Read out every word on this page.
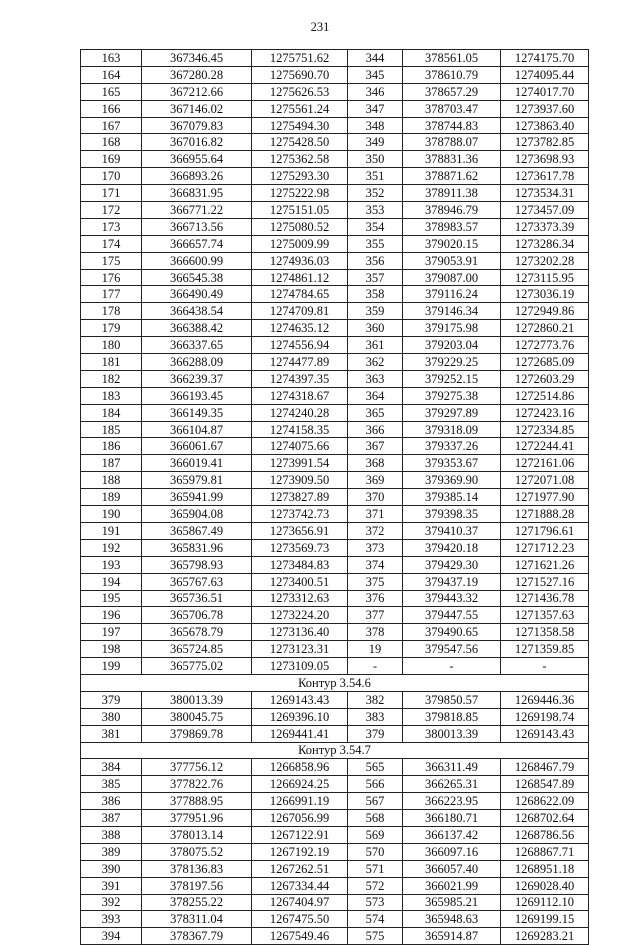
231
163	367346.45	1275751.62	344	378561.05	1274175.70
164	367280.28	1275690.70	345	378610.79	1274095.44
165	367212.66	1275626.53	346	378657.29	1274017.70
166	367146.02	1275561.24	347	378703.47	1273937.60
167	367079.83	1275494.30	348	378744.83	1273863.40
168	367016.82	1275428.50	349	378788.07	1273782.85
169	366955.64	1275362.58	350	378831.36	1273698.93
170	366893.26	1275293.30	351	378871.62	1273617.78
171	366831.95	1275222.98	352	378911.38	1273534.31
172	366771.22	1275151.05	353	378946.79	1273457.09
173	366713.56	1275080.52	354	378983.57	1273373.39
174	366657.74	1275009.99	355	379020.15	1273286.34
175	366600.99	1274936.03	356	379053.91	1273202.28
176	366545.38	1274861.12	357	379087.00	1273115.95
177	366490.49	1274784.65	358	379116.24	1273036.19
178	366438.54	1274709.81	359	379146.34	1272949.86
179	366388.42	1274635.12	360	379175.98	1272860.21
180	366337.65	1274556.94	361	379203.04	1272773.76
181	366288.09	1274477.89	362	379229.25	1272685.09
182	366239.37	1274397.35	363	379252.15	1272603.29
183	366193.45	1274318.67	364	379275.38	1272514.86
184	366149.35	1274240.28	365	379297.89	1272423.16
185	366104.87	1274158.35	366	379318.09	1272334.85
186	366061.67	1274075.66	367	379337.26	1272244.41
187	366019.41	1273991.54	368	379353.67	1272161.06
188	365979.81	1273909.50	369	379369.90	1272071.08
189	365941.99	1273827.89	370	379385.14	1271977.90
190	365904.08	1273742.73	371	379398.35	1271888.28
191	365867.49	1273656.91	372	379410.37	1271796.61
192	365831.96	1273569.73	373	379420.18	1271712.23
193	365798.93	1273484.83	374	379429.30	1271621.26
194	365767.63	1273400.51	375	379437.19	1271527.16
195	365736.51	1273312.63	376	379443.32	1271436.78
196	365706.78	1273224.20	377	379447.55	1271357.63
197	365678.79	1273136.40	378	379490.65	1271358.58
198	365724.85	1273123.31	19	379547.56	1271359.85
199	365775.02	1273109.05	-	-	-
Контур 3.54.6					
379	380013.39	1269143.43	382	379850.57	1269446.36
380	380045.75	1269396.10	383	379818.85	1269198.74
381	379869.78	1269441.41	379	380013.39	1269143.43
Контур 3.54.7					
384	377756.12	1266858.96	565	366311.49	1268467.79
385	377822.76	1266924.25	566	366265.31	1268547.89
386	377888.95	1266991.19	567	366223.95	1268622.09
387	377951.96	1267056.99	568	366180.71	1268702.64
388	378013.14	1267122.91	569	366137.42	1268786.56
389	378075.52	1267192.19	570	366097.16	1268867.71
390	378136.83	1267262.51	571	366057.40	1268951.18
391	378197.56	1267334.44	572	366021.99	1269028.40
392	378255.22	1267404.97	573	365985.21	1269112.10
393	378311.04	1267475.50	574	365948.63	1269199.15
394	378367.79	1267549.46	575	365914.87	1269283.21
